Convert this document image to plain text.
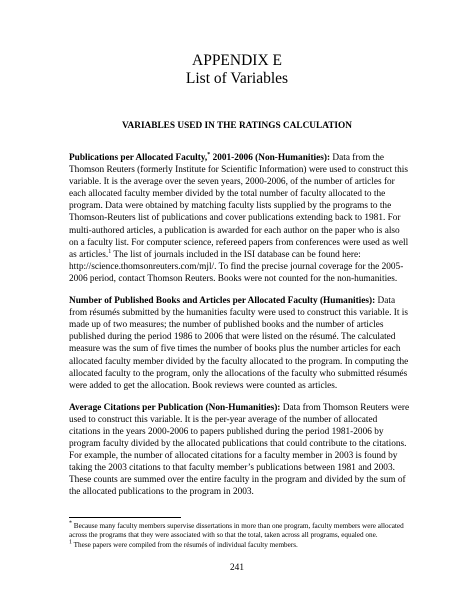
APPENDIX E

List of Variables

VARIABLES USED IN THE RATINGS CALCULATION

Publications per Allocated Faculty,* 2001-2006 (Non-Humanities): Data from the Thomson Reuters (formerly Institute for Scientific Information) were used to construct this variable. It is the average over the seven years, 2000-2006, of the number of articles for each allocated faculty member divided by the total number of faculty allocated to the program. Data were obtained by matching faculty lists supplied by the programs to the Thomson-Reuters list of publications and cover publications extending back to 1981. For multi-authored articles, a publication is awarded for each author on the paper who is also on a faculty list. For computer science, refereed papers from conferences were used as well as articles.$^1$ The list of journals included in the ISI database can be found here: http://science.thomsonreuters.com/mjl/. To find the precise journal coverage for the 2005-2006 period, contact Thomson Reuters. Books were not counted for the non-humanities.

Number of Published Books and Articles per Allocated Faculty (Humanities): Data from résumés submitted by the humanities faculty were used to construct this variable. It is made up of two measures; the number of published books and the number of articles published during the period 1986 to 2006 that were listed on the résumé. The calculated measure was the sum of five times the number of books plus the number articles for each allocated faculty member divided by the faculty allocated to the program. In computing the allocated faculty to the program, only the allocations of the faculty who submitted résumés were added to get the allocation. Book reviews were counted as articles.

Average Citations per Publication (Non-Humanities): Data from Thomson Reuters were used to construct this variable. It is the per-year average of the number of allocated citations in the years 2000-2006 to papers published during the period 1981-2006 by program faculty divided by the allocated publications that could contribute to the citations. For example, the number of allocated citations for a faculty member in 2003 is found by taking the 2003 citations to that faculty member’s publications between 1981 and 2003. These counts are summed over the entire faculty in the program and divided by the sum of the allocated publications to the program in 2003.

* Because many faculty members supervise dissertations in more than one program, faculty members were allocated across the programs that they were associated with so that the total, taken across all programs, equaled one.

$^1$ These papers were compiled from the résumés of individual faculty members.

241
